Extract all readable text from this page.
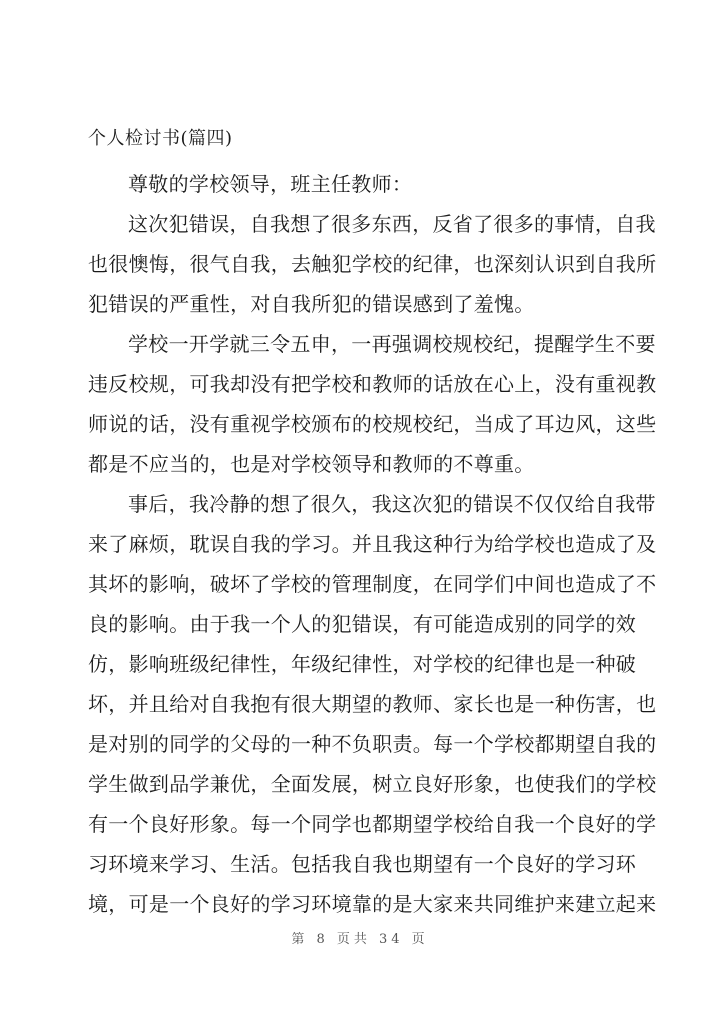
个人检讨书(篇四)

尊敬的学校领导，班主任教师：

这次犯错误，自我想了很多东西，反省了很多的事情，自我
也很懊悔，很气自我，去触犯学校的纪律，也深刻认识到自我所
犯错误的严重性，对自我所犯的错误感到了羞愧。

学校一开学就三令五申，一再强调校规校纪，提醒学生不要
违反校规，可我却没有把学校和教师的话放在心上，没有重视教
师说的话，没有重视学校颁布的校规校纪，当成了耳边风，这些
都是不应当的，也是对学校领导和教师的不尊重。

事后，我冷静的想了很久，我这次犯的错误不仅仅给自我带
来了麻烦，耽误自我的学习。并且我这种行为给学校也造成了及
其坏的影响，破坏了学校的管理制度，在同学们中间也造成了不
良的影响。由于我一个人的犯错误，有可能造成别的同学的效
仿，影响班级纪律性，年级纪律性，对学校的纪律也是一种破
坏，并且给对自我抱有很大期望的教师、家长也是一种伤害，也
是对别的同学的父母的一种不负职责。每一个学校都期望自我的
学生做到品学兼优，全面发展，树立良好形象，也使我们的学校
有一个良好形象。每一个同学也都期望学校给自我一个良好的学
习环境来学习、生活。包括我自我也期望有一个良好的学习环
境，可是一个良好的学习环境靠的是大家来共同维护来建立起来

第 8 页共 34 页
